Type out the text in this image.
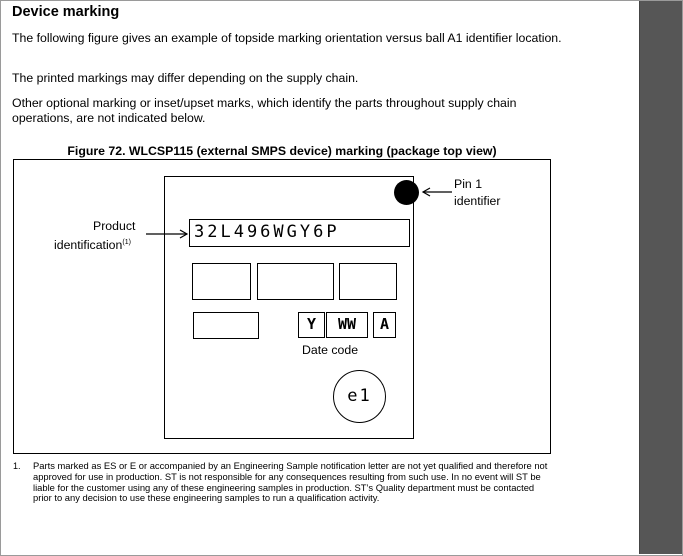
Device marking

The following figure gives an example of topside marking orientation versus ball A1 identifier location.

The printed markings may differ depending on the supply chain.

Other optional marking or inset/upset marks, which identify the parts throughout supply chain operations, are not indicated below.

Figure 72. WLCSP115 (external SMPS device) marking (package top view)
Pin 1
identifier
Product
identification$^{(1)}$
32L496WGY6P
Y	WW	A
Date code
e1
1. Parts marked as ES or E or accompanied by an Engineering Sample notification letter are not yet qualified and therefore not approved for use in production. ST is not responsible for any consequences resulting from such use. In no event will ST be liable for the customer using any of these engineering samples in production. ST’s Quality department must be contacted prior to any decision to use these engineering samples to run a qualification activity.
